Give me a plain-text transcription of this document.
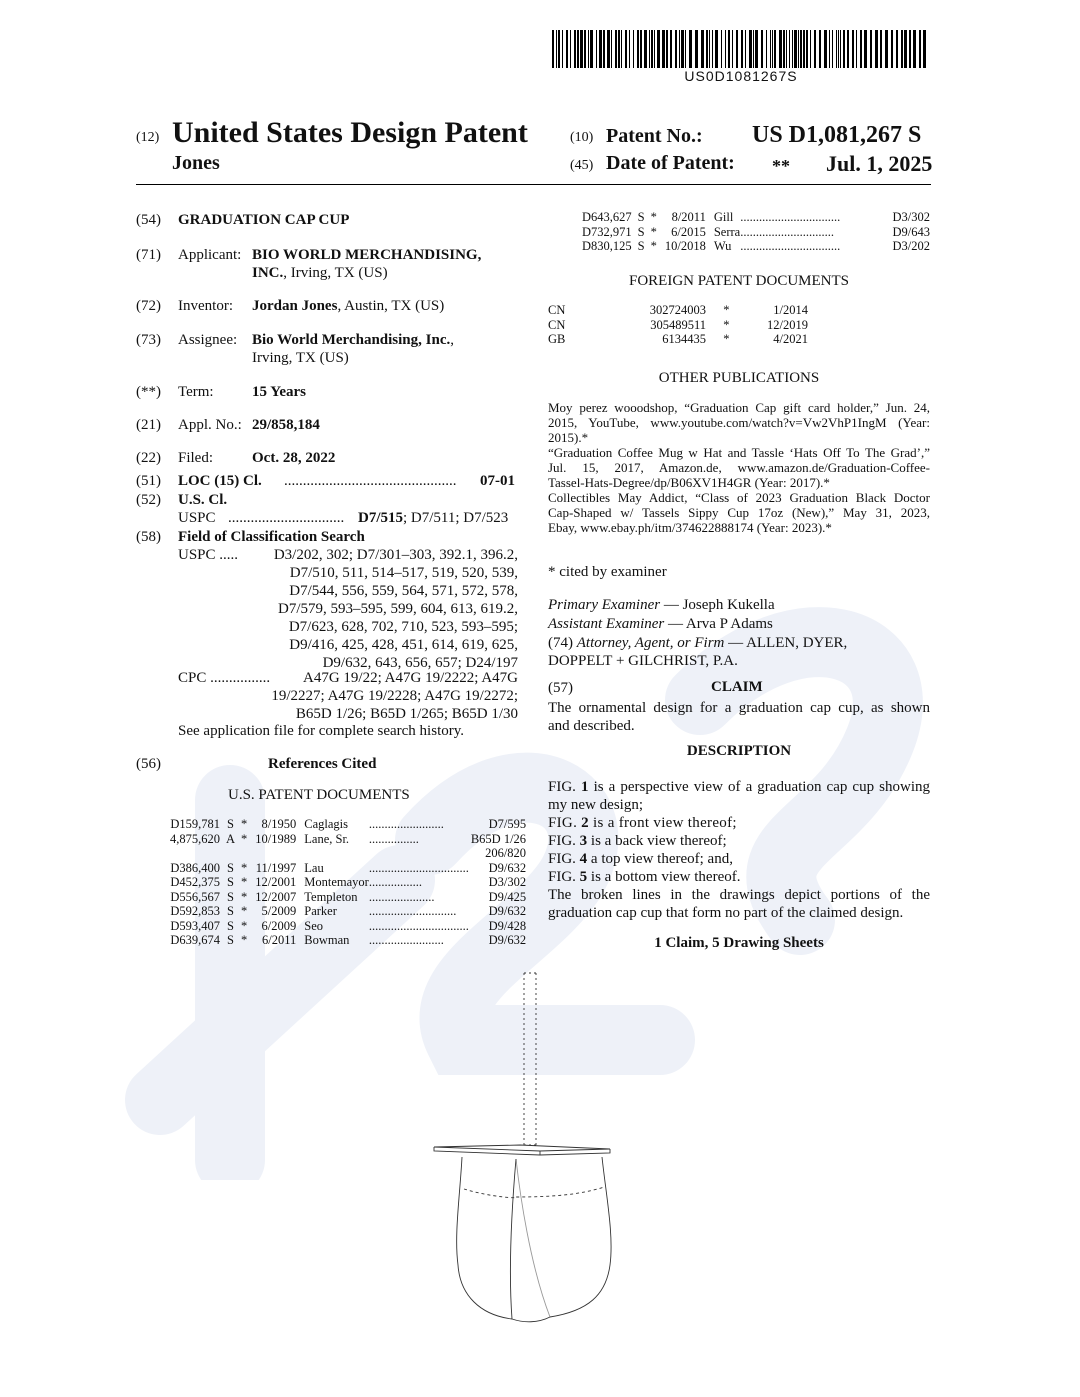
US0D1081267S
(12) United States Design Patent
Jones
(10) Patent No.: US D1,081,267 S
(45) Date of Patent: ** Jul. 1, 2025
(54) GRADUATION CAP CUP
(71) Applicant: BIO WORLD MERCHANDISING,
INC., Irving, TX (US)
(72) Inventor: Jordan Jones, Austin, TX (US)
(73) Assignee: Bio World Merchandising, Inc.,
Irving, TX (US)
(**) Term:	15 Years
(21) Appl. No.: 29/858,184
(22) Filed:	Oct. 28, 2022
(51) LOC (15) Cl. .............................................. 07-01
(52) U.S. Cl.
USPC ............................... D7/515; D7/511; D7/523
(58) Field of Classification Search
USPC .....	D3/202, 302; D7/301–303, 392.1, 396.2,
D7/510, 511, 514–517, 519, 520, 539,
D7/544, 556, 559, 564, 571, 572, 578,
D7/579, 593–595, 599, 604, 613, 619.2,
D7/623, 628, 702, 710, 523, 593–595;
D9/416, 425, 428, 451, 614, 619, 625,
D9/632, 643, 656, 657; D24/197
CPC ................	A47G 19/22; A47G 19/2222; A47G
19/2227; A47G 19/2228; A47G 19/2272;
B65D 1/26; B65D 1/265; B65D 1/30
See application file for complete search history.
(56)	References Cited
U.S. PATENT DOCUMENTS
D159,781	S	*	8/1950	Caglagis	........................	D7/595
4,875,620	A	*	10/1989	Lane, Sr.	................	B65D 1/26
						206/820
D386,400	S	*	11/1997	Lau	................................	D9/632
D452,375	S	*	12/2001	Montemayor	.................	D3/302
D556,567	S	*	12/2007	Templeton	.....................	D9/425
D592,853	S	*	5/2009	Parker	............................	D9/632
D593,407	S	*	6/2009	Seo	................................	D9/428
D639,674	S	*	6/2011	Bowman	........................	D9/632
D643,627	S	*	8/2011	Gill	................................	D3/302
D732,971	S	*	6/2015	Serra	..............................	D9/643
D830,125	S	*	10/2018	Wu	................................	D3/202
FOREIGN PATENT DOCUMENTS
CN	302724003	*	1/2014
CN	305489511	*	12/2019
GB	6134435	*	4/2021
OTHER PUBLICATIONS
Moy perez wooodshop, “Graduation Cap gift card holder,” Jun. 24,
2015, YouTube, www.youtube.com/watch?v=Vw2VhP1IngM (Year:
2015).*
“Graduation Coffee Mug w Hat and Tassle ‘Hats Off To The Grad’,”
Jul. 15, 2017, Amazon.de, www.amazon.de/Graduation-Coffee-
Tassel-Hats-Degree/dp/B06XV1H4GR (Year: 2017).*
Collectibles May Addict, “Class of 2023 Graduation Black Doctor
Cap-Shaped w/ Tassels Sippy Cup 17oz (New),” May 31, 2023,
Ebay, www.ebay.ph/itm/374622888174 (Year: 2023).*
* cited by examiner
Primary Examiner — Joseph Kukella
Assistant Examiner — Arva P Adams
(74) Attorney, Agent, or Firm — ALLEN, DYER,
DOPPELT + GILCHRIST, P.A.
(57)	CLAIM
The ornamental design for a graduation cap cup, as shown
and described.
DESCRIPTION
FIG. 1 is a perspective view of a graduation cap cup showing
my new design;
FIG. 2 is a front view thereof;
FIG. 3 is a back view thereof;
FIG. 4 a top view thereof; and,
FIG. 5 is a bottom view thereof.
The broken lines in the drawings depict portions of the
graduation cap cup that form no part of the claimed design.
1 Claim, 5 Drawing Sheets
